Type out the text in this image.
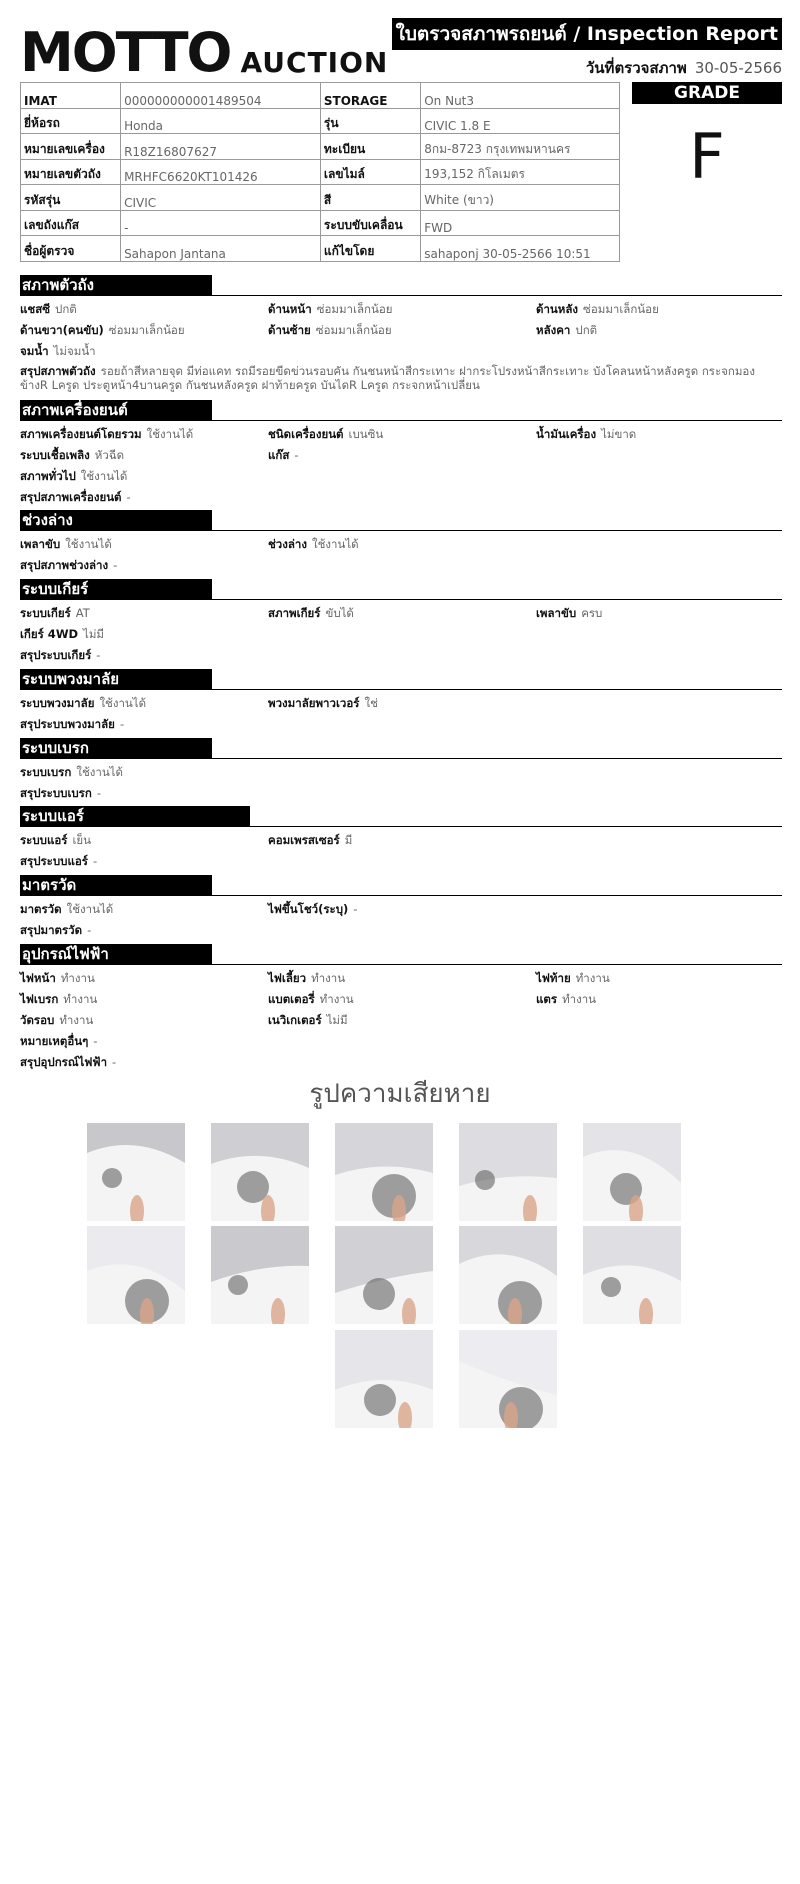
MOTTO AUCTION
ใบตรวจสภาพรถยนต์ / Inspection Report
วันที่ตรวจสภาพ 30-05-2566
GRADE
F
IMAT	000000000001489504	STORAGE	On Nut3
ยี่ห้อรถ	Honda	รุ่น	CIVIC 1.8 E
หมายเลขเครื่อง	R18Z16807627	ทะเบียน	8กม-8723 กรุงเทพมหานคร
หมายเลขตัวถัง	MRHFC6620KT101426	เลขไมล์	193,152 กิโลเมตร
รหัสรุ่น	CIVIC	สี	White (ขาว)
เลขถังแก๊ส	-	ระบบขับเคลื่อน	FWD
ชื่อผู้ตรวจ	Sahapon Jantana	แก้ไขโดย	sahaponj 30-05-2566 10:51
สภาพตัวถัง
แชสซี ปกติ	ด้านหน้า ซ่อมมาเล็กน้อย	ด้านหลัง ซ่อมมาเล็กน้อย
ด้านขวา(คนขับ) ซ่อมมาเล็กน้อย	ด้านซ้าย ซ่อมมาเล็กน้อย	หลังคา ปกติ
จมน้ำ ไม่จมน้ำ
สรุปสภาพตัวถัง รอยถ้าสีหลายจุด มีท่อแคท รถมีรอยขีดข่วนรอบคัน กันชนหน้าสีกระเทาะ ฝากระโปรงหน้าสีกระเทาะ บังโคลนหน้าหลังครูด กระจกมองข้างR Lครูด ประตูหน้า4บานครูด กันชนหลังครูด ฝาท้ายครูด บันไดR Lครูด กระจกหน้าเปลี่ยน
สภาพเครื่องยนต์
สภาพเครื่องยนต์โดยรวม ใช้งานได้	ชนิดเครื่องยนต์ เบนซิน	น้ำมันเครื่อง ไม่ขาด
ระบบเชื้อเพลิง หัวฉีด	แก๊ส -
สภาพทั่วไป ใช้งานได้
สรุปสภาพเครื่องยนต์ -
ช่วงล่าง
เพลาขับ ใช้งานได้	ช่วงล่าง ใช้งานได้
สรุปสภาพช่วงล่าง -
ระบบเกียร์
ระบบเกียร์ AT	สภาพเกียร์ ขับได้	เพลาขับ ครบ
เกียร์ 4WD ไม่มี
สรุประบบเกียร์ -
ระบบพวงมาลัย
ระบบพวงมาลัย ใช้งานได้	พวงมาลัยพาวเวอร์ ใช่
สรุประบบพวงมาลัย -
ระบบเบรก
ระบบเบรก ใช้งานได้
สรุประบบเบรก -
ระบบแอร์
ระบบแอร์ เย็น	คอมเพรสเซอร์ มี
สรุประบบแอร์ -
มาตรวัด
มาตรวัด ใช้งานได้	ไฟขึ้นโชว์(ระบุ) -
สรุปมาตรวัด -
อุปกรณ์ไฟฟ้า
ไฟหน้า ทำงาน	ไฟเลี้ยว ทำงาน	ไฟท้าย ทำงาน
ไฟเบรก ทำงาน	แบตเตอรี่ ทำงาน	แตร ทำงาน
วัดรอบ ทำงาน	เนวิเกเตอร์ ไม่มี
หมายเหตุอื่นๆ -
สรุปอุปกรณ์ไฟฟ้า -
รูปความเสียหาย
